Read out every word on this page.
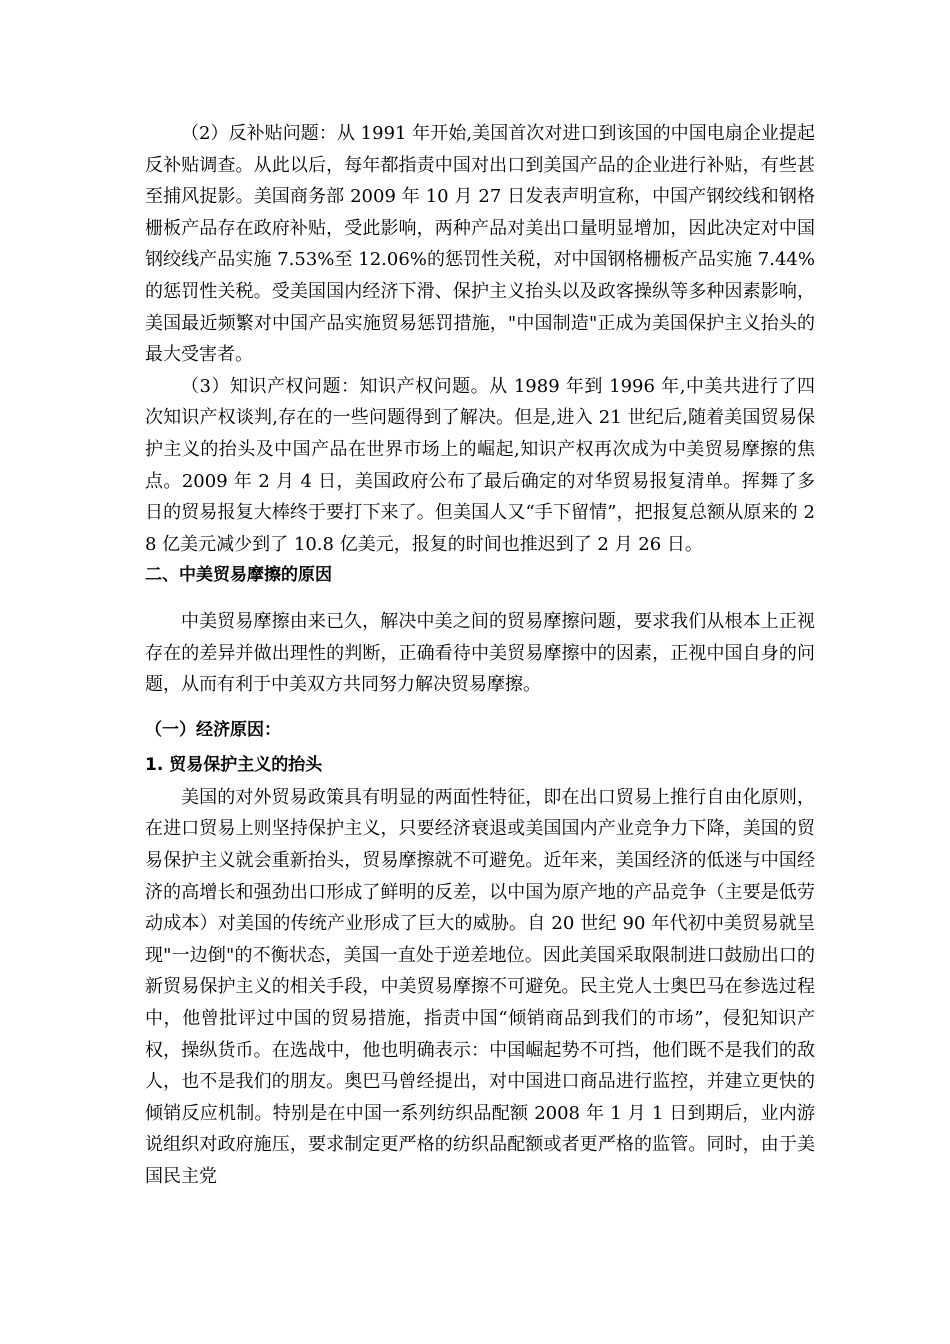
（2）反补贴问题：从 1991 年开始,美国首次对进口到该国的中国电扇企业提起反补贴调查。从此以后，每年都指责中国对出口到美国产品的企业进行补贴，有些甚至捕风捉影。美国商务部 2009 年 10 月 27 日发表声明宣称，中国产钢绞线和钢格栅板产品存在政府补贴，受此影响，两种产品对美出口量明显增加，因此决定对中国钢绞线产品实施 7.53%至 12.06%的惩罚性关税，对中国钢格栅板产品实施 7.44%的惩罚性关税。受美国国内经济下滑、保护主义抬头以及政客操纵等多种因素影响，美国最近频繁对中国产品实施贸易惩罚措施，"中国制造"正成为美国保护主义抬头的最大受害者。

（3）知识产权问题：知识产权问题。从 1989 年到 1996 年,中美共进行了四次知识产权谈判,存在的一些问题得到了解决。但是,进入 21 世纪后,随着美国贸易保护主义的抬头及中国产品在世界市场上的崛起,知识产权再次成为中美贸易摩擦的焦点。2009 年 2 月 4 日，美国政府公布了最后确定的对华贸易报复清单。挥舞了多日的贸易报复大棒终于要打下来了。但美国人又“手下留情”，把报复总额从原来的 28 亿美元减少到了 10.8 亿美元，报复的时间也推迟到了 2 月 26 日。

二、中美贸易摩擦的原因

中美贸易摩擦由来已久，解决中美之间的贸易摩擦问题，要求我们从根本上正视存在的差异并做出理性的判断，正确看待中美贸易摩擦中的因素，正视中国自身的问题，从而有利于中美双方共同努力解决贸易摩擦。

（一）经济原因：

1. 贸易保护主义的抬头

美国的对外贸易政策具有明显的两面性特征，即在出口贸易上推行自由化原则，在进口贸易上则坚持保护主义，只要经济衰退或美国国内产业竞争力下降，美国的贸易保护主义就会重新抬头，贸易摩擦就不可避免。近年来，美国经济的低迷与中国经济的高增长和强劲出口形成了鲜明的反差，以中国为原产地的产品竞争（主要是低劳动成本）对美国的传统产业形成了巨大的威胁。自 20 世纪 90 年代初中美贸易就呈现"一边倒"的不衡状态，美国一直处于逆差地位。因此美国采取限制进口鼓励出口的新贸易保护主义的相关手段，中美贸易摩擦不可避免。民主党人士奥巴马在参选过程中，他曾批评过中国的贸易措施，指责中国“倾销商品到我们的市场”，侵犯知识产权，操纵货币。在选战中，他也明确表示：中国崛起势不可挡，他们既不是我们的敌人，也不是我们的朋友。奥巴马曾经提出，对中国进口商品进行监控，并建立更快的倾销反应机制。特别是在中国一系列纺织品配额 2008 年 1 月 1 日到期后，业内游说组织对政府施压，要求制定更严格的纺织品配额或者更严格的监管。同时，由于美国民主党
